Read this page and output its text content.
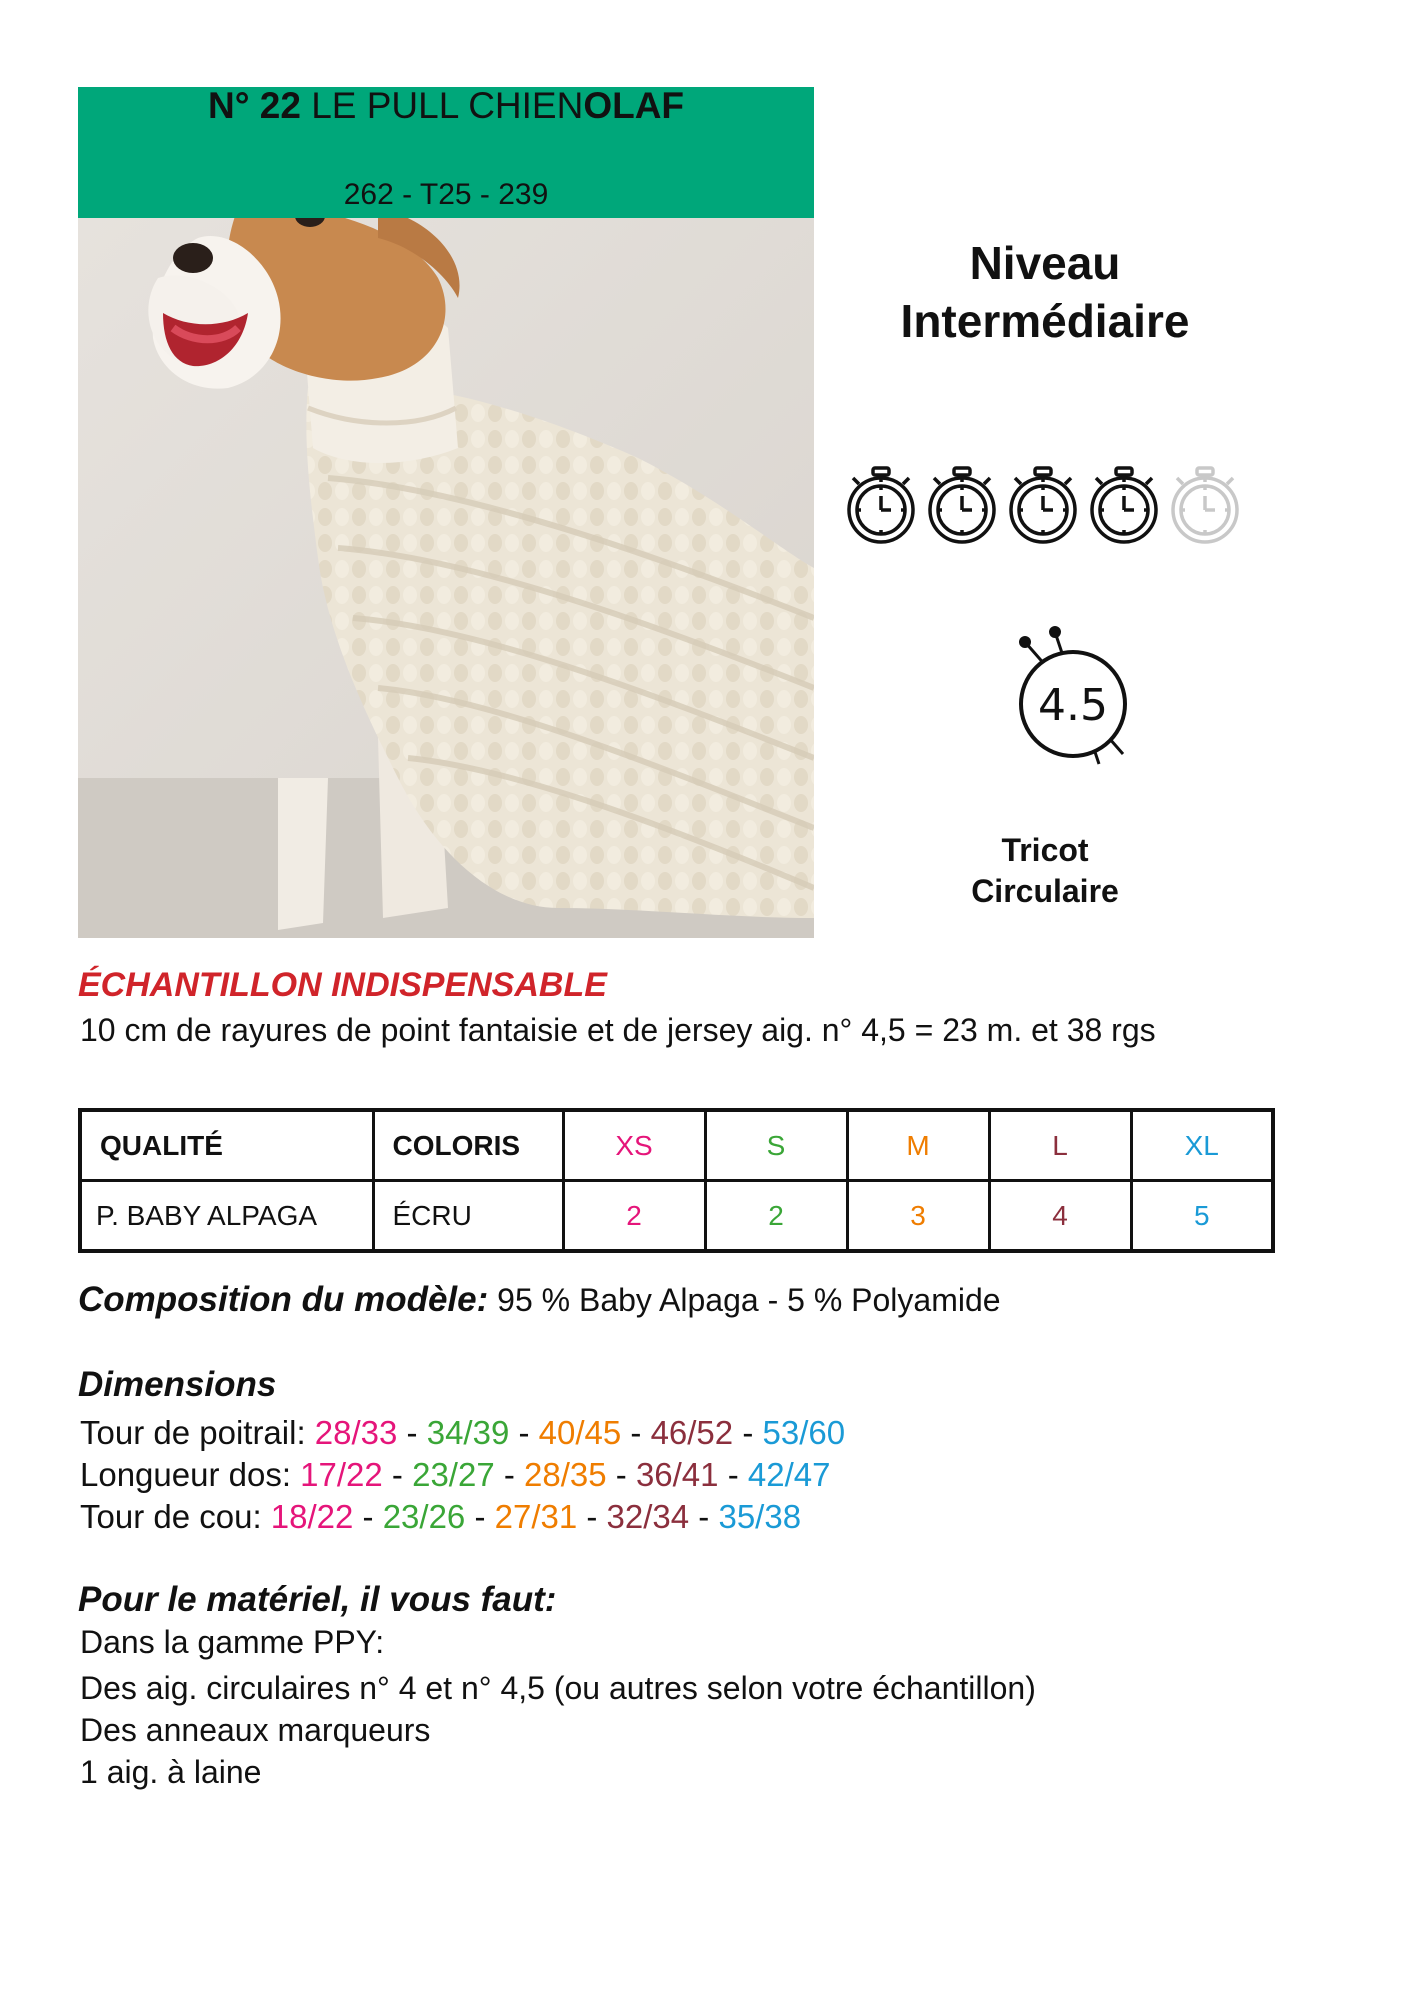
N° 22 LE PULL CHIENOLAF
262 - T25 - 239
Niveau
Intermédiaire
4.5
Tricot
Circulaire
ÉCHANTILLON INDISPENSABLE
10 cm de rayures de point fantaisie et de jersey aig. n° 4,5 = 23 m. et 38 rgs
QUALITÉ	COLORIS	XS	S	M	L	XL
P. BABY ALPAGA	ÉCRU	2	2	3	4	5
Composition du modèle: 95 % Baby Alpaga - 5 % Polyamide
Dimensions
Tour de poitrail: 28/33 - 34/39 - 40/45 - 46/52 - 53/60
Longueur dos: 17/22 - 23/27 - 28/35 - 36/41 - 42/47
Tour de cou: 18/22 - 23/26 - 27/31 - 32/34 - 35/38
Pour le matériel, il vous faut:
Dans la gamme PPY:
Des aig. circulaires n° 4 et n° 4,5 (ou autres selon votre échantillon)
Des anneaux marqueurs
1 aig. à laine
